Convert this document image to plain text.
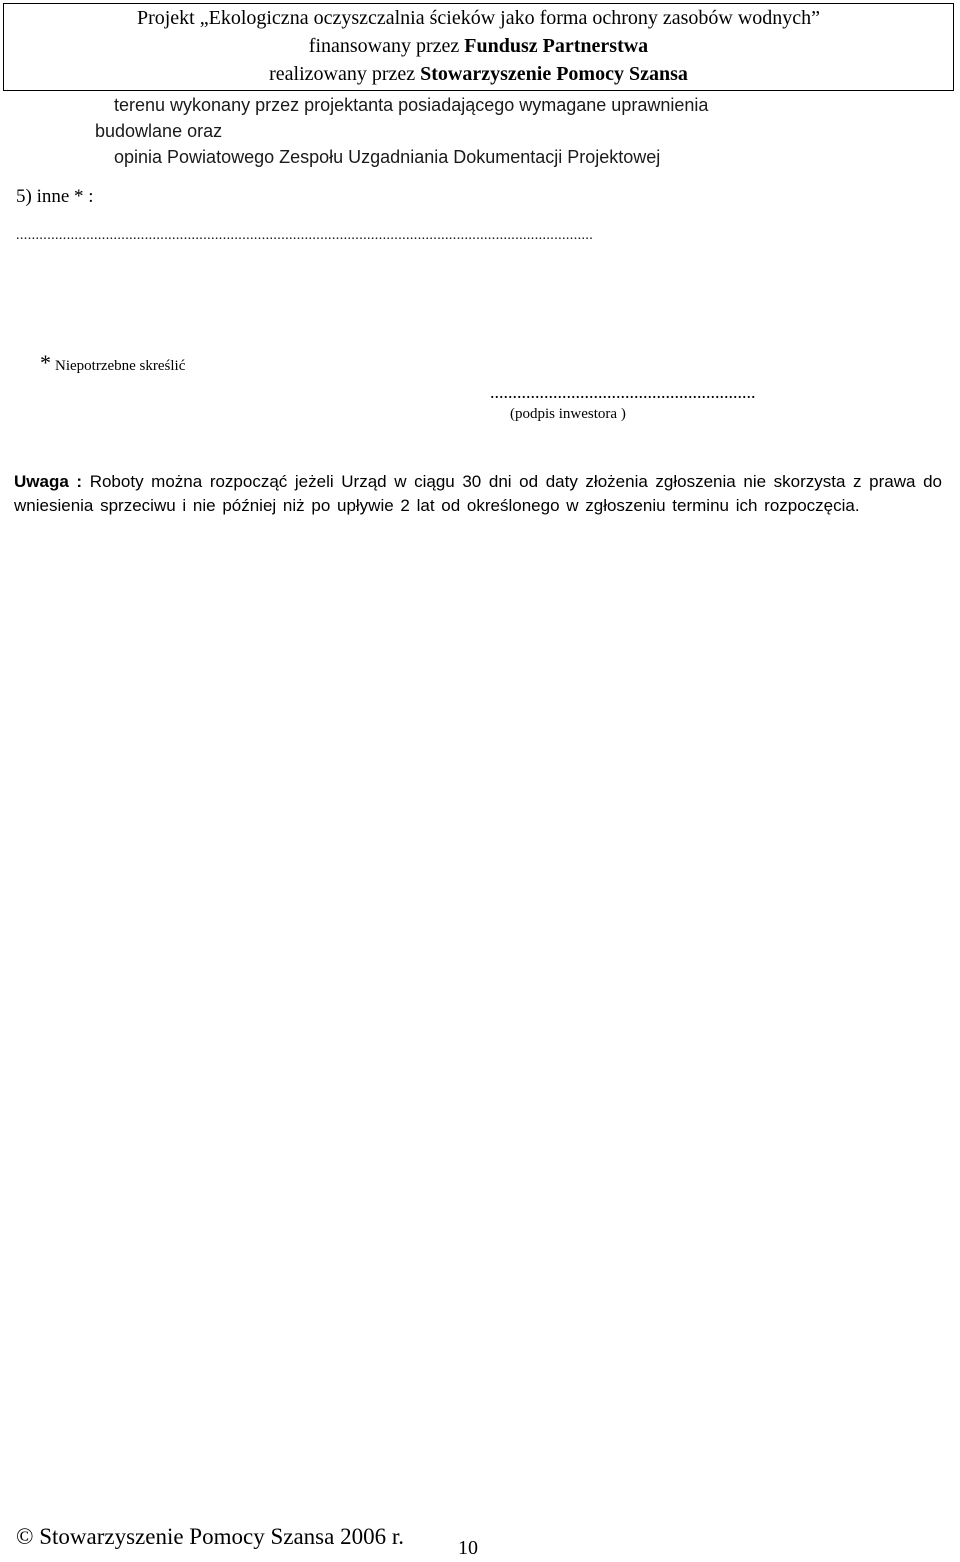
Projekt „Ekologiczna oczyszczalnia ścieków jako forma ochrony zasobów wodnych”
finansowany przez Fundusz Partnerstwa
realizowany przez Stowarzyszenie Pomocy Szansa
terenu wykonany przez projektanta posiadającego wymagane uprawnienia
budowlane oraz
opinia Powiatowego Zespołu Uzgadniania Dokumentacji Projektowej
5) inne * :
....................................................................................................................................................
* Niepotrzebne skreślić
...........................................................
(podpis inwestora )
Uwaga : Roboty można rozpocząć jeżeli Urząd w ciągu 30 dni od daty złożenia zgłoszenia nie skorzysta z prawa do wniesienia sprzeciwu i nie później niż po upływie 2 lat od określonego w zgłoszeniu terminu ich rozpoczęcia.
© Stowarzyszenie Pomocy Szansa 2006 r.	10
